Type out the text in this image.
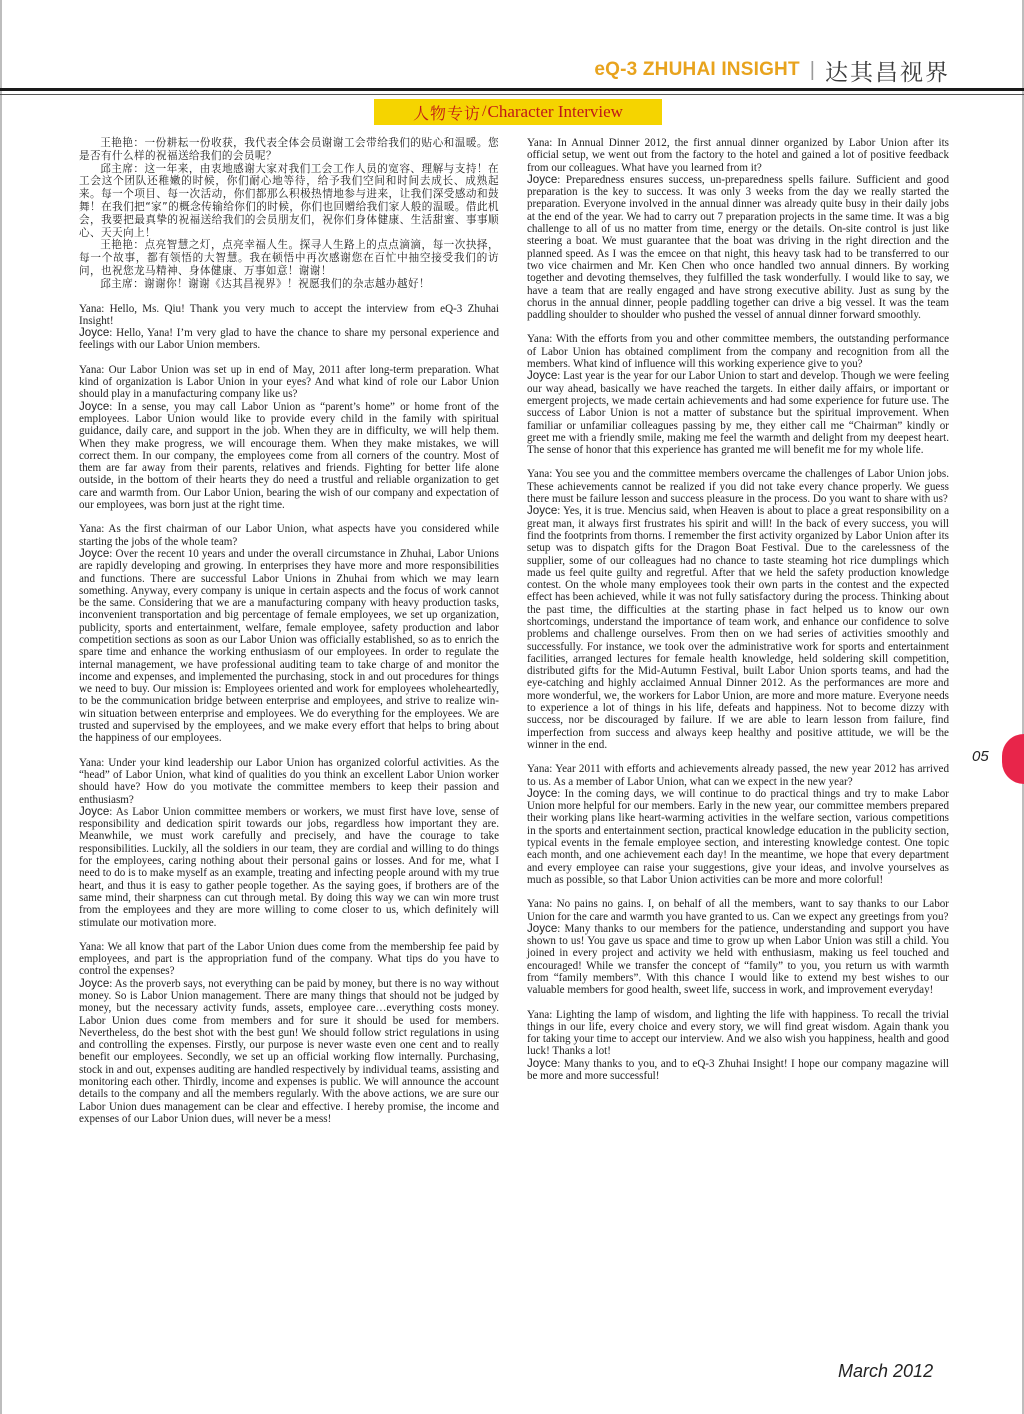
eQ-3 ZHUHAI INSIGHT | 达其昌视界
人物专访 / Character Interview

王艳艳：一份耕耘一份收获，我代表全体会员谢谢工会带给我们的贴心和温暖。您是否有什么样的祝福送给我们的会员呢？

邱主席：这一年来，由衷地感谢大家对我们工会工作人员的宽容、理解与支持！在工会这个团队还稚嫩的时候，你们耐心地等待，给予我们空间和时间去成长、成熟起来。每一个项目、每一次活动，你们都那么积极热情地参与进来，让我们深受感动和鼓舞！在我们把“家”的概念传输给你们的时候，你们也回赠给我们家人般的温暖。借此机会，我要把最真挚的祝福送给我们的会员朋友们，祝你们身体健康、生活甜蜜、事事顺心、天天向上！

王艳艳：点亮智慧之灯，点亮幸福人生。探寻人生路上的点点滴滴，每一次抉择，每一个故事，都有领悟的大智慧。我在顿悟中再次感谢您在百忙中抽空接受我们的访问，也祝您龙马精神、身体健康、万事如意！谢谢！

邱主席：谢谢你！谢谢《达其昌视界》！祝愿我们的杂志越办越好！

Yana: Hello, Ms. Qiu! Thank you very much to accept the interview from eQ-3 Zhuhai Insight!

Joyce: Hello, Yana! I’m very glad to have the chance to share my personal experience and feelings with our Labor Union members.

Yana: Our Labor Union was set up in end of May, 2011 after long-term preparation. What kind of organization is Labor Union in your eyes? And what kind of role our Labor Union should play in a manufacturing company like us?

Joyce: In a sense, you may call Labor Union as “parent’s home” or home front of the employees. Labor Union would like to provide every child in the family with spiritual guidance, daily care, and support in the job. When they are in difficulty, we will help them. When they make progress, we will encourage them. When they make mistakes, we will correct them. In our company, the employees come from all corners of the country. Most of them are far away from their parents, relatives and friends. Fighting for better life alone outside, in the bottom of their hearts they do need a trustful and reliable organization to get care and warmth from. Our Labor Union, bearing the wish of our company and expectation of our employees, was born just at the right time.

Yana: As the first chairman of our Labor Union, what aspects have you considered while starting the jobs of the whole team?

Joyce: Over the recent 10 years and under the overall circumstance in Zhuhai, Labor Unions are rapidly developing and growing. In enterprises they have more and more responsibilities and functions. There are successful Labor Unions in Zhuhai from which we may learn something. Anyway, every company is unique in certain aspects and the focus of work cannot be the same. Considering that we are a manufacturing company with heavy production tasks, inconvenient transportation and big percentage of female employees, we set up organization, publicity, sports and entertainment, welfare, female employee, safety production and labor competition sections as soon as our Labor Union was officially established, so as to enrich the spare time and enhance the working enthusiasm of our employees. In order to regulate the internal management, we have professional auditing team to take charge of and monitor the income and expenses, and implemented the purchasing, stock in and out procedures for things we need to buy. Our mission is: Employees oriented and work for employees wholeheartedly, to be the communication bridge between enterprise and employees, and strive to realize win-win situation between enterprise and employees. We do everything for the employees. We are trusted and supervised by the employees, and we make every effort that helps to bring about the happiness of our employees.

Yana: Under your kind leadership our Labor Union has organized colorful activities. As the “head” of Labor Union, what kind of qualities do you think an excellent Labor Union worker should have? How do you motivate the committee members to keep their passion and enthusiasm?

Joyce: As Labor Union committee members or workers, we must first have love, sense of responsibility and dedication spirit towards our jobs, regardless how important they are. Meanwhile, we must work carefully and precisely, and have the courage to take responsibilities. Luckily, all the soldiers in our team, they are cordial and willing to do things for the employees, caring nothing about their personal gains or losses. And for me, what I need to do is to make myself as an example, treating and infecting people around with my true heart, and thus it is easy to gather people together. As the saying goes, if brothers are of the same mind, their sharpness can cut through metal. By doing this way we can win more trust from the employees and they are more willing to come closer to us, which definitely will stimulate our motivation more.

Yana: We all know that part of the Labor Union dues come from the membership fee paid by employees, and part is the appropriation fund of the company. What tips do you have to control the expenses?

Joyce: As the proverb says, not everything can be paid by money, but there is no way without money. So is Labor Union management. There are many things that should not be judged by money, but the necessary activity funds, assets, employee care…everything costs money. Labor Union dues come from members and for sure it should be used for members. Nevertheless, do the best shot with the best gun! We should follow strict regulations in using and controlling the expenses. Firstly, our purpose is never waste even one cent and to really benefit our employees. Secondly, we set up an official working flow internally. Purchasing, stock in and out, expenses auditing are handled respectively by individual teams, assisting and monitoring each other. Thirdly, income and expenses is public. We will announce the account details to the company and all the members regularly. With the above actions, we are sure our Labor Union dues management can be clear and effective. I hereby promise, the income and expenses of our Labor Union dues, will never be a mess!

Yana: In Annual Dinner 2012, the first annual dinner organized by Labor Union after its official setup, we went out from the factory to the hotel and gained a lot of positive feedback from our colleagues. What have you learned from it?

Joyce: Preparedness ensures success, un-preparedness spells failure. Sufficient and good preparation is the key to success. It was only 3 weeks from the day we really started the preparation. Everyone involved in the annual dinner was already quite busy in their daily jobs at the end of the year. We had to carry out 7 preparation projects in the same time. It was a big challenge to all of us no matter from time, energy or the details. On-site control is just like steering a boat. We must guarantee that the boat was driving in the right direction and the planned speed. As I was the emcee on that night, this heavy task had to be transferred to our two vice chairmen and Mr. Ken Chen who once handled two annual dinners. By working together and devoting themselves, they fulfilled the task wonderfully. I would like to say, we have a team that are really engaged and have strong executive ability. Just as sung by the chorus in the annual dinner, people paddling together can drive a big vessel. It was the team paddling shoulder to shoulder who pushed the vessel of annual dinner forward smoothly.

Yana: With the efforts from you and other committee members, the outstanding performance of Labor Union has obtained compliment from the company and recognition from all the members. What kind of influence will this working experience give to you?

Joyce: Last year is the year for our Labor Union to start and develop. Though we were feeling our way ahead, basically we have reached the targets. In either daily affairs, or important or emergent projects, we made certain achievements and had some experience for future use. The success of Labor Union is not a matter of substance but the spiritual improvement. When familiar or unfamiliar colleagues passing by me, they either call me “Chairman” kindly or greet me with a friendly smile, making me feel the warmth and delight from my deepest heart. The sense of honor that this experience has granted me will benefit me for my whole life.

Yana: You see you and the committee members overcame the challenges of Labor Union jobs. These achievements cannot be realized if you did not take every chance properly. We guess there must be failure lesson and success pleasure in the process. Do you want to share with us?

Joyce: Yes, it is true. Mencius said, when Heaven is about to place a great responsibility on a great man, it always first frustrates his spirit and will! In the back of every success, you will find the footprints from thorns. I remember the first activity organized by Labor Union after its setup was to dispatch gifts for the Dragon Boat Festival. Due to the carelessness of the supplier, some of our colleagues had no chance to taste steaming hot rice dumplings which made us feel quite guilty and regretful. After that we held the safety production knowledge contest. On the whole many employees took their own parts in the contest and the expected effect has been achieved, while it was not fully satisfactory during the process. Thinking about the past time, the difficulties at the starting phase in fact helped us to know our own shortcomings, understand the importance of team work, and enhance our confidence to solve problems and challenge ourselves. From then on we had series of activities smoothly and successfully. For instance, we took over the administrative work for sports and entertainment facilities, arranged lectures for female health knowledge, held soldering skill competition, distributed gifts for the Mid-Autumn Festival, built Labor Union sports teams, and had the eye-catching and highly acclaimed Annual Dinner 2012. As the performances are more and more wonderful, we, the workers for Labor Union, are more and more mature. Everyone needs to experience a lot of things in his life, defeats and happiness. Not to become dizzy with success, nor be discouraged by failure. If we are able to learn lesson from failure, find imperfection from success and always keep healthy and positive attitude, we will be the winner in the end.

Yana: Year 2011 with efforts and achievements already passed, the new year 2012 has arrived to us. As a member of Labor Union, what can we expect in the new year?

Joyce: In the coming days, we will continue to do practical things and try to make Labor Union more helpful for our members. Early in the new year, our committee members prepared their working plans like heart-warming activities in the welfare section, various competitions in the sports and entertainment section, practical knowledge education in the publicity section, typical events in the female employee section, and interesting knowledge contest. One topic each month, and one achievement each day! In the meantime, we hope that every department and every employee can raise your suggestions, give your ideas, and involve yourselves as much as possible, so that Labor Union activities can be more and more colorful!

Yana: No pains no gains. I, on behalf of all the members, want to say thanks to our Labor Union for the care and warmth you have granted to us. Can we expect any greetings from you?

Joyce: Many thanks to our members for the patience, understanding and support you have shown to us! You gave us space and time to grow up when Labor Union was still a child. You joined in every project and activity we held with enthusiasm, making us feel touched and encouraged! While we transfer the concept of “family” to you, you return us with warmth from “family members”. With this chance I would like to extend my best wishes to our valuable members for good health, sweet life, success in work, and improvement everyday!

Yana: Lighting the lamp of wisdom, and lighting the life with happiness. To recall the trivial things in our life, every choice and every story, we will find great wisdom. Again thank you for taking your time to accept our interview. And we also wish you happiness, health and good luck! Thanks a lot!

Joyce: Many thanks to you, and to eQ-3 Zhuhai Insight! I hope our company magazine will be more and more successful!

05
March 2012
